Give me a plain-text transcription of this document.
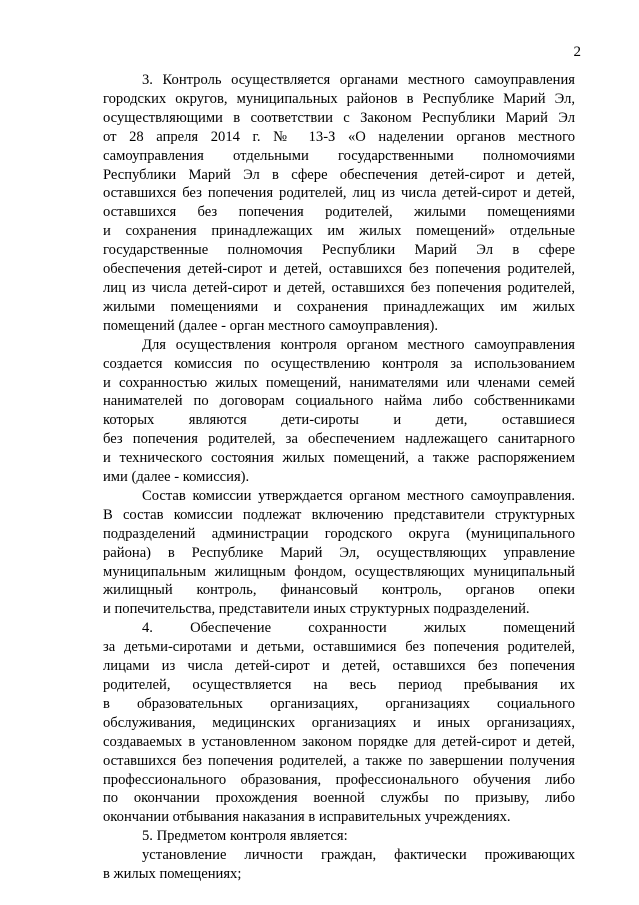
2
3. Контроль осуществляется органами местного самоуправления
городских округов, муниципальных районов в Республике Марий Эл,
осуществляющими в соответствии с Законом Республики Марий Эл
от 28 апреля 2014 г. № 13-З «О наделении органов местного
самоуправления отдельными государственными полномочиями
Республики Марий Эл в сфере обеспечения детей-сирот и детей,
оставшихся без попечения родителей, лиц из числа детей-сирот и детей,
оставшихся без попечения родителей, жилыми помещениями
и сохранения принадлежащих им жилых помещений» отдельные
государственные полномочия Республики Марий Эл в сфере
обеспечения детей-сирот и детей, оставшихся без попечения родителей,
лиц из числа детей-сирот и детей, оставшихся без попечения родителей,
жилыми помещениями и сохранения принадлежащих им жилых
помещений (далее - орган местного самоуправления).
Для осуществления контроля органом местного самоуправления
создается комиссия по осуществлению контроля за использованием
и сохранностью жилых помещений, нанимателями или членами семей
нанимателей по договорам социального найма либо собственниками
которых являются дети-сироты и дети, оставшиеся
без попечения родителей, за обеспечением надлежащего санитарного
и технического состояния жилых помещений, а также распоряжением
ими (далее - комиссия).
Состав комиссии утверждается органом местного самоуправления.
В состав комиссии подлежат включению представители структурных
подразделений администрации городского округа (муниципального
района) в Республике Марий Эл, осуществляющих управление
муниципальным жилищным фондом, осуществляющих муниципальный
жилищный контроль, финансовый контроль, органов опеки
и попечительства, представители иных структурных подразделений.
4. Обеспечение сохранности жилых помещений
за детьми-сиротами и детьми, оставшимися без попечения родителей,
лицами из числа детей-сирот и детей, оставшихся без попечения
родителей, осуществляется на весь период пребывания их
в образовательных организациях, организациях социального
обслуживания, медицинских организациях и иных организациях,
создаваемых в установленном законом порядке для детей-сирот и детей,
оставшихся без попечения родителей, а также по завершении получения
профессионального образования, профессионального обучения либо
по окончании прохождения военной службы по призыву, либо
окончании отбывания наказания в исправительных учреждениях.
5. Предметом контроля является:
установление личности граждан, фактически проживающих
в жилых помещениях;
